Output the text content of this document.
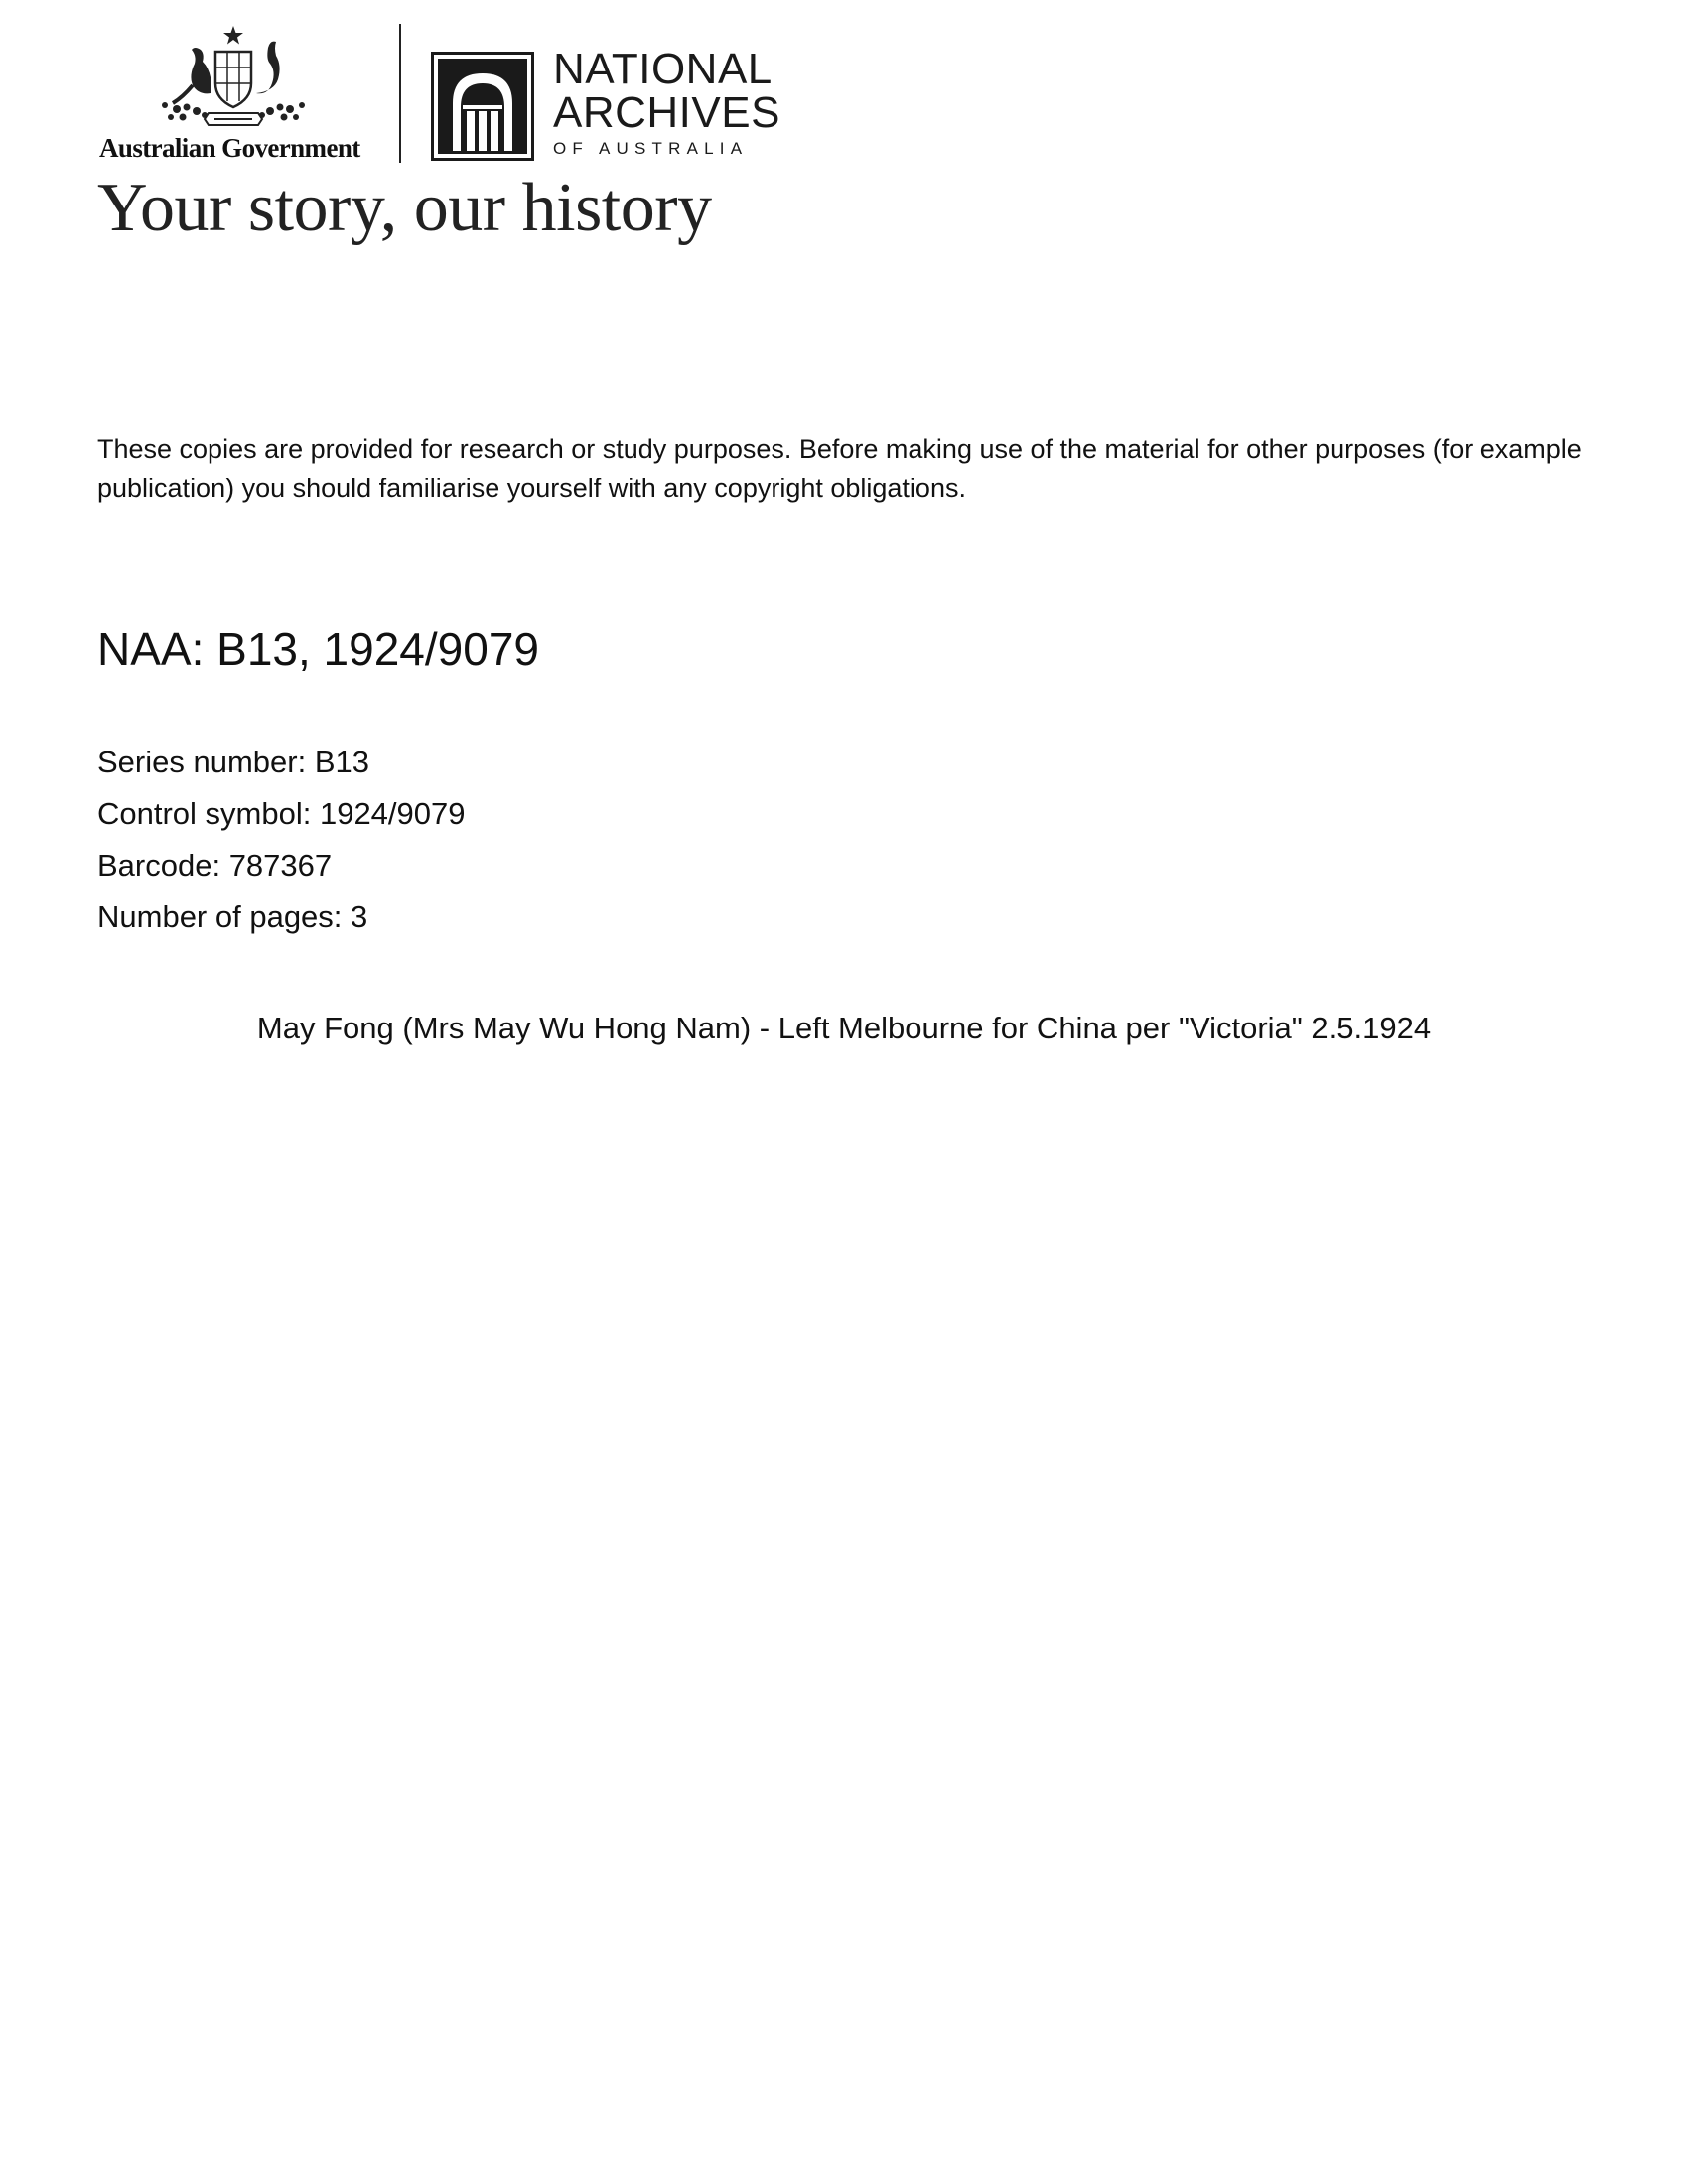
Australian Government
NATIONAL
ARCHIVES
OF AUSTRALIA
Your story, our history

These copies are provided for research or study purposes. Before making use of the material for other purposes (for example publication) you should familiarise yourself with any copyright obligations.

NAA: B13, 1924/9079
Series number: B13
Control symbol: 1924/9079
Barcode: 787367
Number of pages: 3
May Fong (Mrs May Wu Hong Nam) - Left Melbourne for China per "Victoria" 2.5.1924
